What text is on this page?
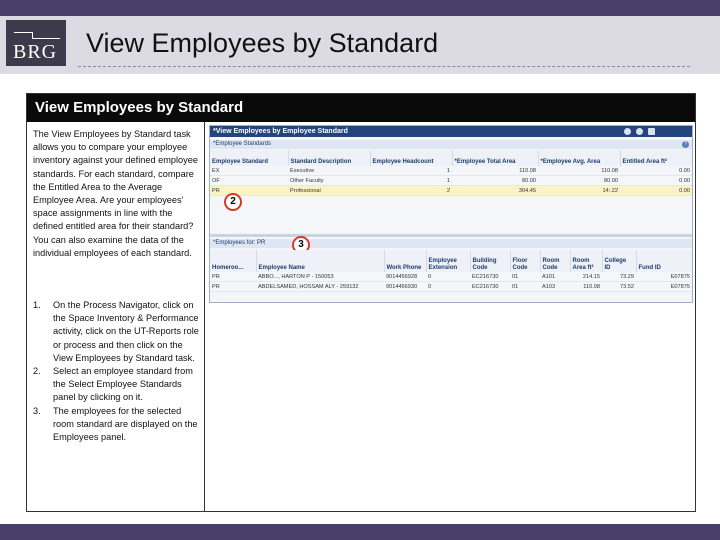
BRG View Employees by Standard
View Employees by Standard
The View Employees by Standard task allows you to compare your employee inventory against your defined employee standards. For each standard, compare the Entitled Area to the Average Employee Area. Are your employees' space assignments in line with the defined entitled area for their standard? You can also examine the data of the individual employees of each standard.
1. On the Process Navigator, click on the Space Inventory & Performance activity, click on the UT-Reports role or process and then click on the View Employees by Standard task.
2. Select an employee standard from the Select Employee Standards panel by clicking on it.
3. The employees for the selected room standard are displayed on the Employees panel.
*View Employees by Employee Standard
*Employee Standards	?
Employee Standard	Standard Description	Employee Headcount	*Employee Total Area	*Employee Avg. Area	Entitled Area ft²
EX	Executive	1	110.08	110.08	0.00
OF	Other Faculty	1	80.00	80.00	0.00
PR	Professional	2	304.45	14:.22	0.00
2
*Employees for: PR	3
Homeroo...	Employee Name	Work Phone	Employee Extension	Building Code	Floor Code	Room Code	Room Area ft²	College ID	Fund ID
PR	ABBO..., HARTON P - 150053	9014456928	0	EC216730	01	A101	214.15	73.29	E07875
PR	ABDELSAMED, HOSSAM ALY - 259132	9014456930	0	EC216730	01	A103	110.08	73.52	E07875
